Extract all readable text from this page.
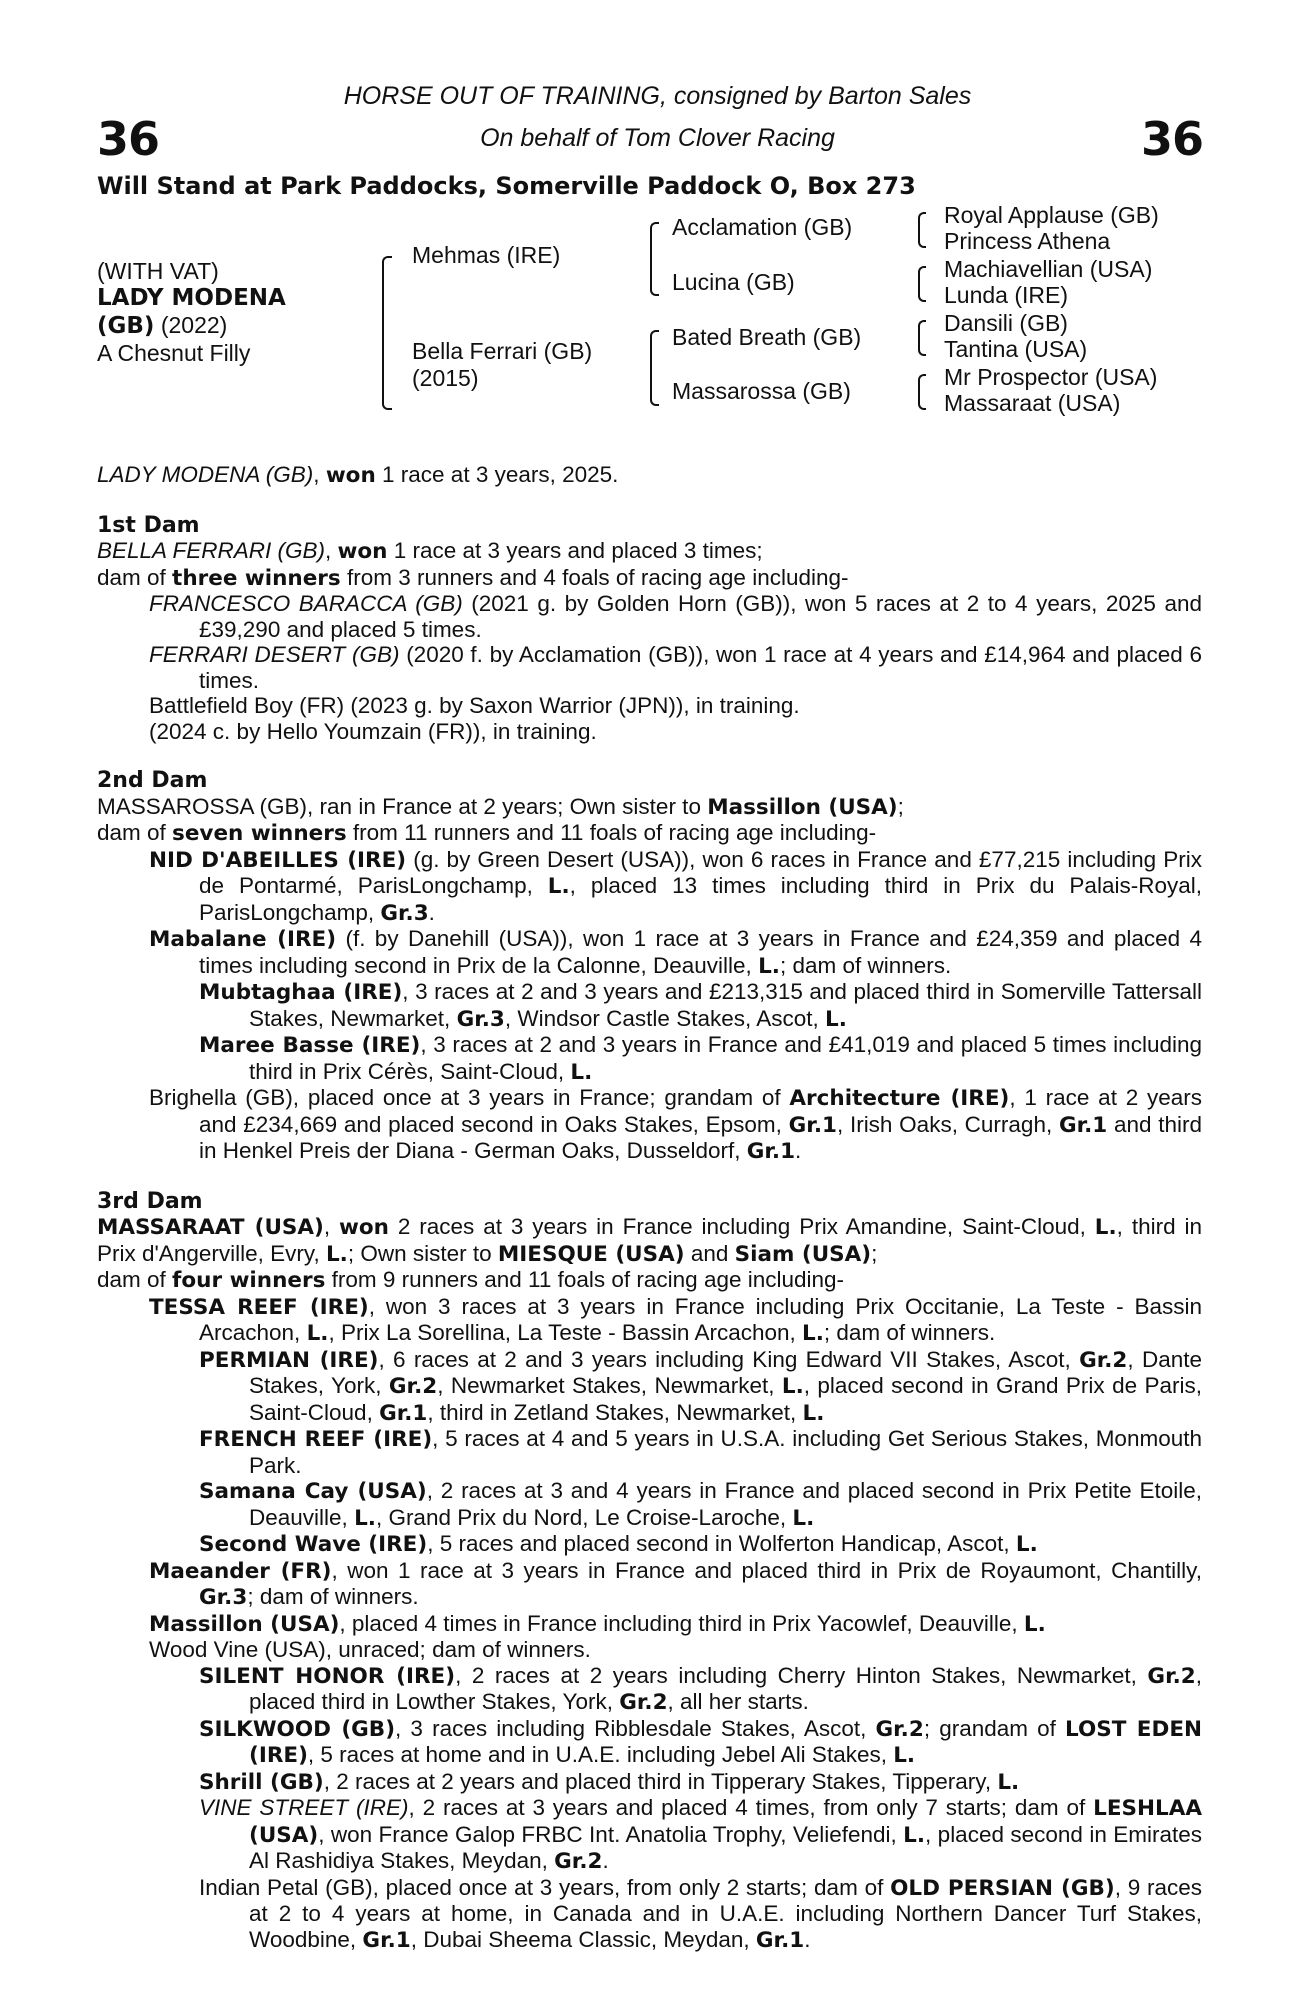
36	36
HORSE OUT OF TRAINING, consigned by Barton Sales
On behalf of Tom Clover Racing
Will Stand at Park Paddocks, Somerville Paddock O, Box 273
(WITH VAT)
LADY MODENA
(GB) (2022)
A Chesnut Filly
Mehmas (IRE)
Bella Ferrari (GB)
(2015)
Acclamation (GB)
Lucina (GB)
Bated Breath (GB)
Massarossa (GB)
Royal Applause (GB)
Princess Athena
Machiavellian (USA)
Lunda (IRE)
Dansili (GB)
Tantina (USA)
Mr Prospector (USA)
Massaraat (USA)

LADY MODENA (GB), won 1 race at 3 years, 2025.

1st Dam

BELLA FERRARI (GB), won 1 race at 3 years and placed 3 times;

dam of three winners from 3 runners and 4 foals of racing age including-

FRANCESCO BARACCA (GB) (2021 g. by Golden Horn (GB)), won 5 races at 2 to 4 years, 2025 and £39,290 and placed 5 times.

FERRARI DESERT (GB) (2020 f. by Acclamation (GB)), won 1 race at 4 years and £14,964 and placed 6 times.

Battlefield Boy (FR) (2023 g. by Saxon Warrior (JPN)), in training.

(2024 c. by Hello Youmzain (FR)), in training.

2nd Dam

MASSAROSSA (GB), ran in France at 2 years; Own sister to Massillon (USA);

dam of seven winners from 11 runners and 11 foals of racing age including-

NID D'ABEILLES (IRE) (g. by Green Desert (USA)), won 6 races in France and £77,215 including Prix de Pontarmé, ParisLongchamp, L., placed 13 times including third in Prix du Palais-Royal, ParisLongchamp, Gr.3.

Mabalane (IRE) (f. by Danehill (USA)), won 1 race at 3 years in France and £24,359 and placed 4 times including second in Prix de la Calonne, Deauville, L.; dam of winners.

Mubtaghaa (IRE), 3 races at 2 and 3 years and £213,315 and placed third in Somerville Tattersall Stakes, Newmarket, Gr.3, Windsor Castle Stakes, Ascot, L.

Maree Basse (IRE), 3 races at 2 and 3 years in France and £41,019 and placed 5 times including third in Prix Cérès, Saint-Cloud, L.

Brighella (GB), placed once at 3 years in France; grandam of Architecture (IRE), 1 race at 2 years and £234,669 and placed second in Oaks Stakes, Epsom, Gr.1, Irish Oaks, Curragh, Gr.1 and third in Henkel Preis der Diana - German Oaks, Dusseldorf, Gr.1.

3rd Dam

MASSARAAT (USA), won 2 races at 3 years in France including Prix Amandine, Saint-Cloud, L., third in Prix d'Angerville, Evry, L.; Own sister to MIESQUE (USA) and Siam (USA);

dam of four winners from 9 runners and 11 foals of racing age including-

TESSA REEF (IRE), won 3 races at 3 years in France including Prix Occitanie, La Teste - Bassin Arcachon, L., Prix La Sorellina, La Teste - Bassin Arcachon, L.; dam of winners.

PERMIAN (IRE), 6 races at 2 and 3 years including King Edward VII Stakes, Ascot, Gr.2, Dante Stakes, York, Gr.2, Newmarket Stakes, Newmarket, L., placed second in Grand Prix de Paris, Saint-Cloud, Gr.1, third in Zetland Stakes, Newmarket, L.

FRENCH REEF (IRE), 5 races at 4 and 5 years in U.S.A. including Get Serious Stakes, Monmouth Park.

Samana Cay (USA), 2 races at 3 and 4 years in France and placed second in Prix Petite Etoile, Deauville, L., Grand Prix du Nord, Le Croise-Laroche, L.

Second Wave (IRE), 5 races and placed second in Wolferton Handicap, Ascot, L.

Maeander (FR), won 1 race at 3 years in France and placed third in Prix de Royaumont, Chantilly, Gr.3; dam of winners.

Massillon (USA), placed 4 times in France including third in Prix Yacowlef, Deauville, L.

Wood Vine (USA), unraced; dam of winners.

SILENT HONOR (IRE), 2 races at 2 years including Cherry Hinton Stakes, Newmarket, Gr.2, placed third in Lowther Stakes, York, Gr.2, all her starts.

SILKWOOD (GB), 3 races including Ribblesdale Stakes, Ascot, Gr.2; grandam of LOST EDEN (IRE), 5 races at home and in U.A.E. including Jebel Ali Stakes, L.

Shrill (GB), 2 races at 2 years and placed third in Tipperary Stakes, Tipperary, L.

VINE STREET (IRE), 2 races at 3 years and placed 4 times, from only 7 starts; dam of LESHLAA (USA), won France Galop FRBC Int. Anatolia Trophy, Veliefendi, L., placed second in Emirates Al Rashidiya Stakes, Meydan, Gr.2.

Indian Petal (GB), placed once at 3 years, from only 2 starts; dam of OLD PERSIAN (GB), 9 races at 2 to 4 years at home, in Canada and in U.A.E. including Northern Dancer Turf Stakes, Woodbine, Gr.1, Dubai Sheema Classic, Meydan, Gr.1.
